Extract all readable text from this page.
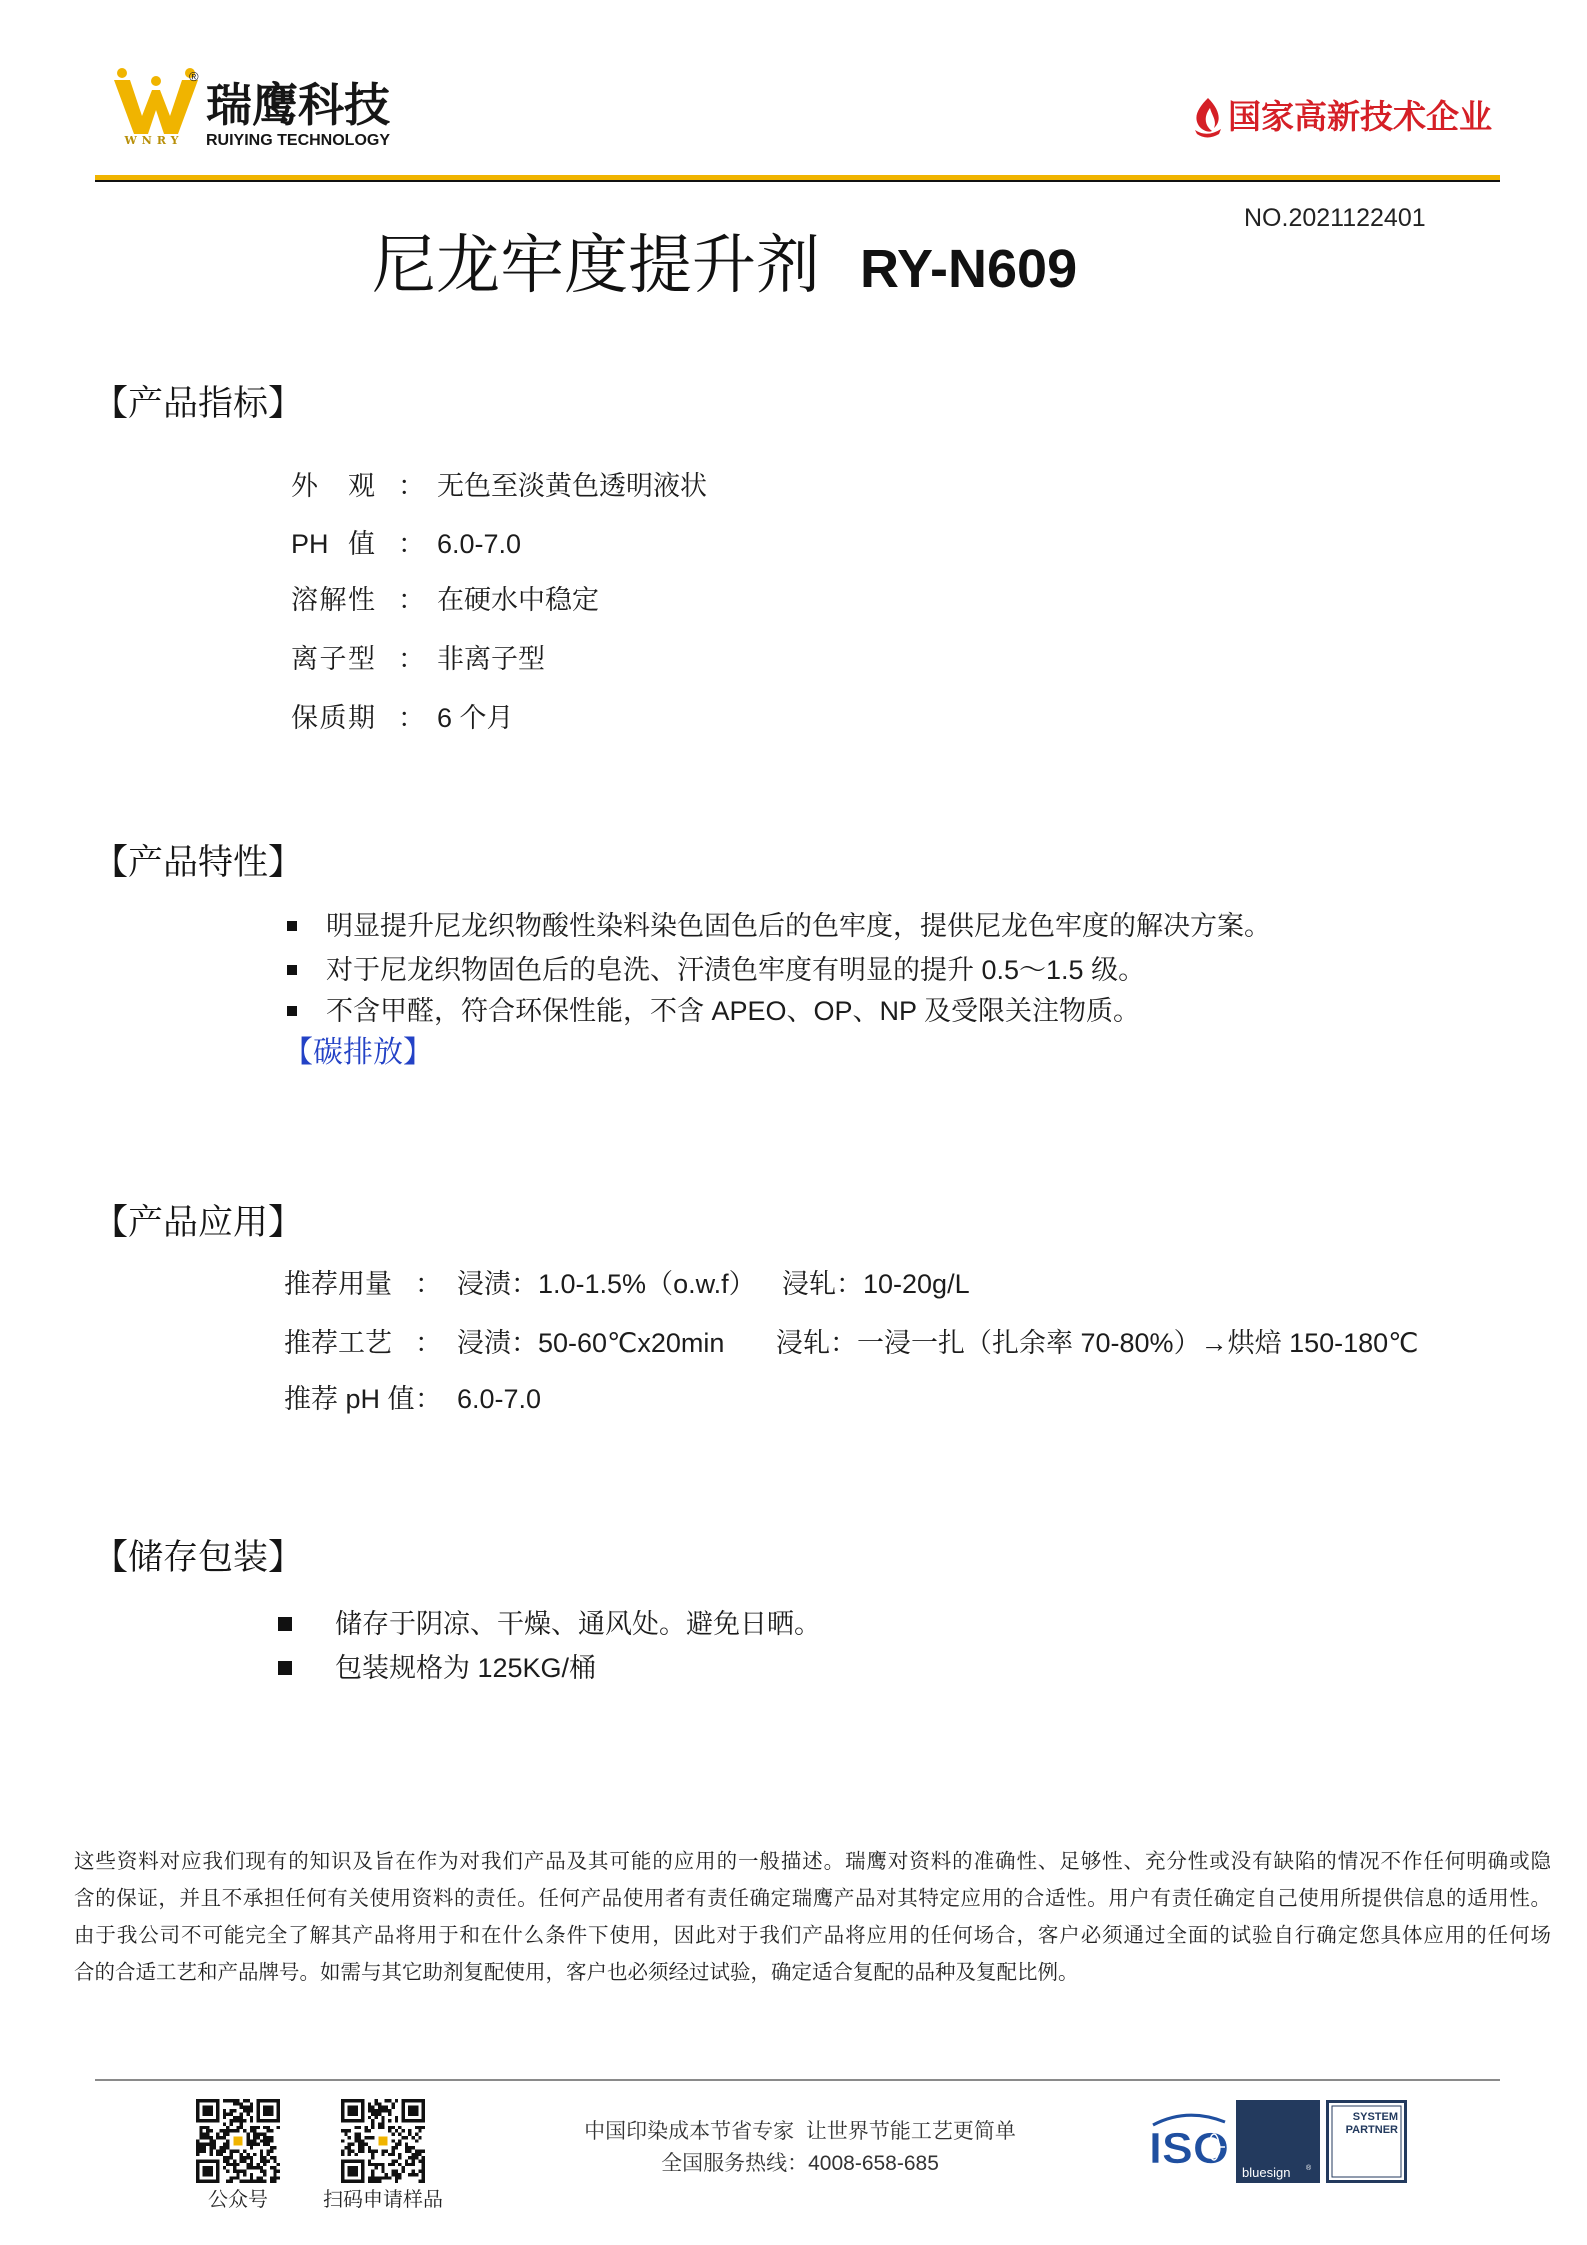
WNRY
®
瑞鹰科技
RUIYING TECHNOLOGY
国家高新技术企业
NO.2021122401
尼龙牢度提升剂 RY-N609
【产品指标】
外 观 ： 无色至淡黄色透明液状
PH 值 ： 6.0-7.0
溶解性 ： 在硬水中稳定
离子型 ： 非离子型
保质期 ： 6 个月
【产品特性】
明显提升尼龙织物酸性染料染色固色后的色牢度，提供尼龙色牢度的解决方案。
对于尼龙织物固色后的皂洗、汗渍色牢度有明显的提升 0.5～1.5 级。
不含甲醛，符合环保性能，不含 APEO、OP、NP 及受限关注物质。
【碳排放】
【产品应用】
推荐用量 ： 浸渍：1.0-1.5%（o.w.f） 浸轧：10-20g/L
推荐工艺 ： 浸渍：50-60℃x20min 浸轧：一浸一扎（扎余率 70-80%）→烘焙 150-180℃
推荐 pH 值 ： 6.0-7.0
【储存包装】
储存于阴凉、干燥、通风处。避免日晒。
包装规格为 125KG/桶
这些资料对应我们现有的知识及旨在作为对我们产品及其可能的应用的一般描述。瑞鹰对资料的准确性、足够性、充分性或没有缺陷的情况不作任何明确或隐
含的保证，并且不承担任何有关使用资料的责任。任何产品使用者有责任确定瑞鹰产品对其特定应用的合适性。用户有责任确定自己使用所提供信息的适用性。
由于我公司不可能完全了解其产品将用于和在什么条件下使用，因此对于我们产品将应用的任何场合，客户必须通过全面的试验自行确定您具体应用的任何场
合的合适工艺和产品牌号。如需与其它助剂复配使用，客户也必须经过试验，确定适合复配的品种及复配比例。
公众号	扫码申请样品
中国印染成本节省专家  让世界节能工艺更简单
全国服务热线：4008-658-685	ISO bluesign ®
SYSTEM
PARTNER
